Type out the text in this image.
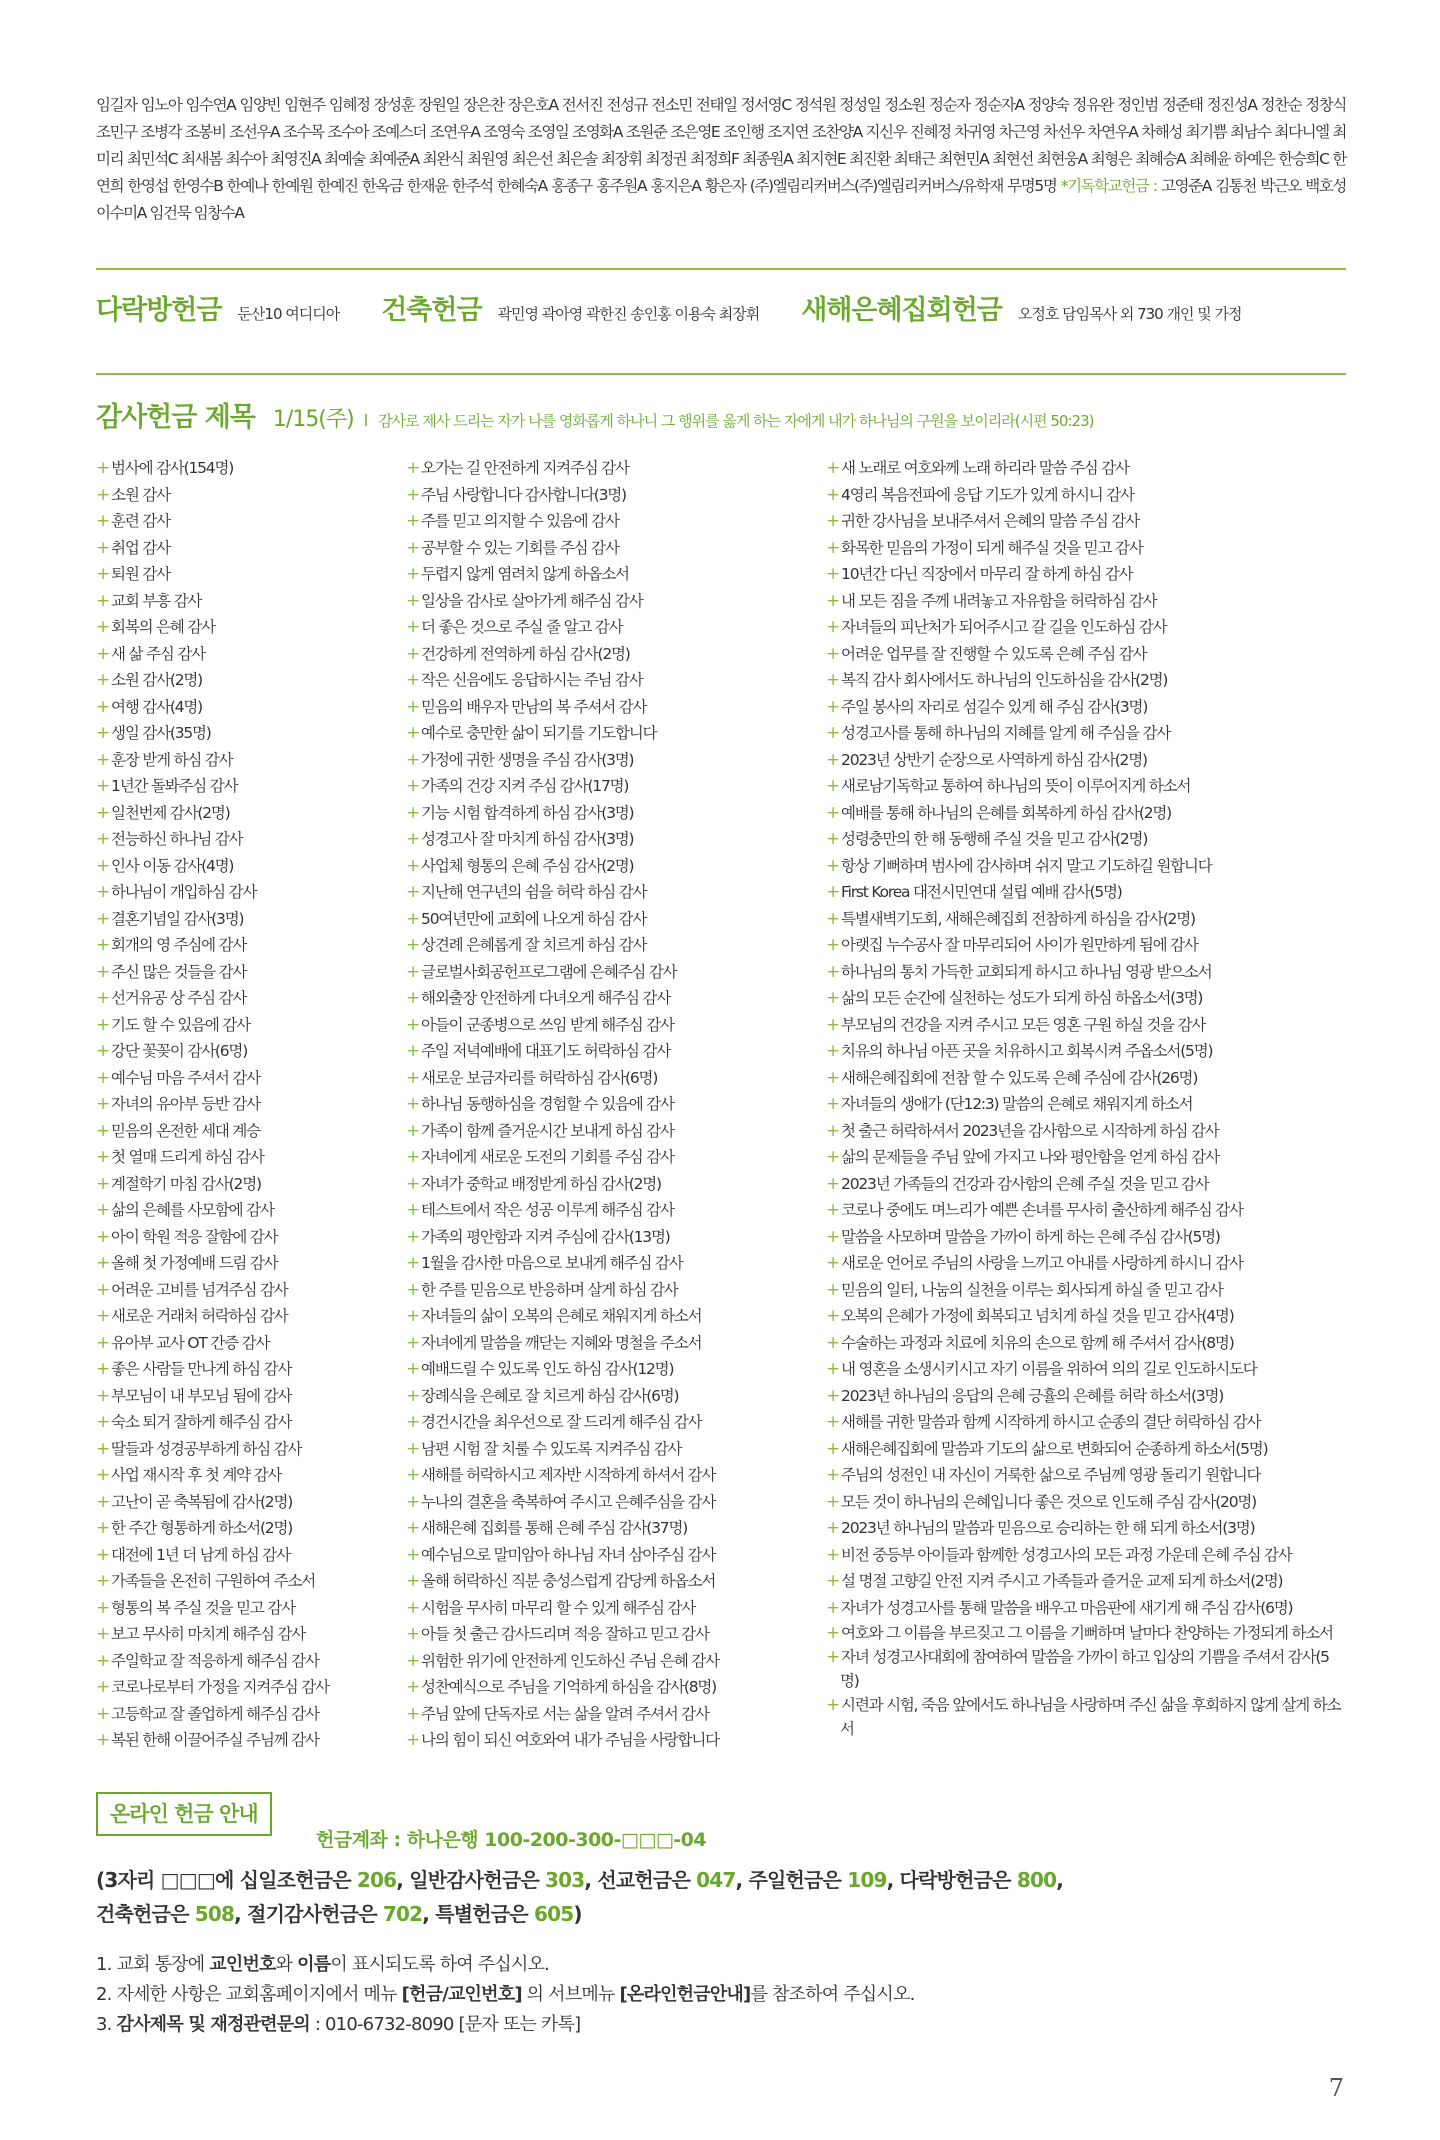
임길자 임노아 임수연A 임양빈 임현주 임혜정 장성훈 장원일 장은찬 장은호A 전서진 전성규 전소민 전태일 정서영C 정석원 정성일 정소원 정순자 정순자A 정양숙 정유완 정인범 정준태 정진성A 정찬순 정창식 조민구 조병각 조봉비 조선우A 조수목 조수아 조예스더 조연우A 조영숙 조영일 조영화A 조원준 조은영E 조인행 조지연 조찬양A 지신우 진혜정 차귀영 차근영 차선우 차연우A 차해성 최기쁨 최남수 최다니엘 최미리 최민석C 최새봄 최수아 최영진A 최예술 최예준A 최완식 최원영 최은선 최은솔 최장휘 최정권 최정희F 최종원A 최지현E 최진환 최태근 최현민A 최현선 최현웅A 최형은 최혜승A 최혜윤 하예은 한승희C 한연희 한영섭 한영수B 한예나 한예원 한예진 한옥금 한재윤 한주석 한혜숙A 홍종구 홍주원A 홍지은A 황은자 (주)엘림리커버스(주)엘림리커버스/유학재 무명5명 *기독학교헌금 : 고영준A 김통천 박근오 백호성 이수미A 임건묵 임창수A
다락방헌금 둔산10 여디디아 건축헌금 곽민영 곽아영 곽한진 송인홍 이용숙 최장휘 새해은혜집회헌금 오정호 담임목사 외 730 개인 및 가정
감사헌금 제목 1/15(주) l 감사로 제사 드리는 자가 나를 영화롭게 하나니 그 행위를 옳게 하는 자에게 내가 하나님의 구원을 보이리라(시편 50:23)
+ 범사에 감사(154명)
+ 소원 감사
+ 훈련 감사
+ 취업 감사
+ 퇴원 감사
+ 교회 부흥 감사
+ 회복의 은혜 감사
+ 새 삶 주심 감사
+ 소원 감사(2명)
+ 여행 감사(4명)
+ 생일 감사(35명)
+ 훈장 받게 하심 감사
+ 1년간 돌봐주심 감사
+ 일천번제 감사(2명)
+ 전능하신 하나님 감사
+ 인사 이동 감사(4명)
+ 하나님이 개입하심 감사
+ 결혼기념일 감사(3명)
+ 회개의 영 주심에 감사
+ 주신 많은 것들을 감사
+ 선거유공 상 주심 감사
+ 기도 할 수 있음에 감사
+ 강단 꽃꽂이 감사(6명)
+ 예수님 마음 주셔서 감사
+ 자녀의 유아부 등반 감사
+ 믿음의 온전한 세대 계승
+ 첫 열매 드리게 하심 감사
+ 계절학기 마침 감사(2명)
+ 삶의 은혜를 사모함에 감사
+ 아이 학원 적응 잘함에 감사
+ 올해 첫 가정예배 드림 감사
+ 어려운 고비를 넘겨주심 감사
+ 새로운 거래처 허락하심 감사
+ 유아부 교사 OT 간증 감사
+ 좋은 사람들 만나게 하심 감사
+ 부모님이 내 부모님 됨에 감사
+ 숙소 퇴거 잘하게 해주심 감사
+ 딸들과 성경공부하게 하심 감사
+ 사업 재시작 후 첫 계약 감사
+ 고난이 곧 축복됨에 감사(2명)
+ 한 주간 형통하게 하소서(2명)
+ 대전에 1년 더 남게 하심 감사
+ 가족들을 온전히 구원하여 주소서
+ 형통의 복 주실 것을 믿고 감사
+ 보고 무사히 마치게 해주심 감사
+ 주일학교 잘 적응하게 해주심 감사
+ 코로나로부터 가정을 지켜주심 감사
+ 고등학교 잘 졸업하게 해주심 감사
+ 복된 한해 이끌어주실 주님께 감사
+ 오가는 길 안전하게 지켜주심 감사
+ 주님 사랑합니다 감사합니다(3명)
+ 주를 믿고 의지할 수 있음에 감사
+ 공부할 수 있는 기회를 주심 감사
+ 두렵지 않게 염려치 않게 하옵소서
+ 일상을 감사로 살아가게 해주심 감사
+ 더 좋은 것으로 주실 줄 알고 감사
+ 건강하게 전역하게 하심 감사(2명)
+ 작은 신음에도 응답하시는 주님 감사
+ 믿음의 배우자 만남의 복 주셔서 감사
+ 예수로 충만한 삶이 되기를 기도합니다
+ 가정에 귀한 생명을 주심 감사(3명)
+ 가족의 건강 지켜 주심 감사(17명)
+ 기능 시험 합격하게 하심 감사(3명)
+ 성경고사 잘 마치게 하심 감사(3명)
+ 사업체 형통의 은혜 주심 감사(2명)
+ 지난해 연구년의 쉼을 허락 하심 감사
+ 50여년만에 교회에 나오게 하심 감사
+ 상견례 은혜롭게 잘 치르게 하심 감사
+ 글로벌사회공헌프로그램에 은혜주심 감사
+ 해외출장 안전하게 다녀오게 해주심 감사
+ 아들이 군종병으로 쓰임 받게 해주심 감사
+ 주일 저녁예배에 대표기도 허락하심 감사
+ 새로운 보금자리를 허락하심 감사(6명)
+ 하나님 동행하심을 경험할 수 있음에 감사
+ 가족이 함께 즐거운시간 보내게 하심 감사
+ 자녀에게 새로운 도전의 기회를 주심 감사
+ 자녀가 중학교 배정받게 하심 감사(2명)
+ 테스트에서 작은 성공 이루게 해주심 감사
+ 가족의 평안함과 지켜 주심에 감사(13명)
+ 1월을 감사한 마음으로 보내게 해주심 감사
+ 한 주를 믿음으로 반응하며 살게 하심 감사
+ 자녀들의 삶이 오복의 은혜로 채워지게 하소서
+ 자녀에게 말씀을 깨닫는 지혜와 명철을 주소서
+ 예배드릴 수 있도록 인도 하심 감사(12명)
+ 장례식을 은혜로 잘 치르게 하심 감사(6명)
+ 경건시간을 최우선으로 잘 드리게 해주심 감사
+ 남편 시험 잘 치룰 수 있도록 지켜주심 감사
+ 새해를 허락하시고 제자반 시작하게 하셔서 감사
+ 누나의 결혼을 축복하여 주시고 은혜주심을 감사
+ 새해은혜 집회를 통해 은혜 주심 감사(37명)
+ 예수님으로 말미암아 하나님 자녀 삼아주심 감사
+ 올해 허락하신 직분 충성스럽게 감당케 하옵소서
+ 시험을 무사히 마무리 할 수 있게 해주심 감사
+ 아들 첫 출근 감사드리며 적응 잘하고 믿고 감사
+ 위험한 위기에 안전하게 인도하신 주님 은혜 감사
+ 성찬예식으로 주님을 기억하게 하심을 감사(8명)
+ 주님 앞에 단독자로 서는 삶을 알려 주셔서 감사
+ 나의 힘이 되신 여호와여 내가 주님을 사랑합니다
+ 새 노래로 여호와께 노래 하리라 말씀 주심 감사
+ 4영리 복음전파에 응답 기도가 있게 하시니 감사
+ 귀한 강사님을 보내주셔서 은혜의 말씀 주심 감사
+ 화목한 믿음의 가정이 되게 해주실 것을 믿고 감사
+ 10년간 다닌 직장에서 마무리 잘 하게 하심 감사
+ 내 모든 짐을 주께 내려놓고 자유함을 허락하심 감사
+ 자녀들의 피난처가 되어주시고 갈 길을 인도하심 감사
+ 어려운 업무를 잘 진행할 수 있도록 은혜 주심 감사
+ 복직 감사 회사에서도 하나님의 인도하심을 감사(2명)
+ 주일 봉사의 자리로 섬길수 있게 해 주심 감사(3명)
+ 성경고사를 통해 하나님의 지혜를 알게 해 주심을 감사
+ 2023년 상반기 순장으로 사역하게 하심 감사(2명)
+ 새로남기독학교 통하여 하나님의 뜻이 이루어지게 하소서
+ 예배를 통해 하나님의 은혜를 회복하게 하심 감사(2명)
+ 성령충만의 한 해 동행해 주실 것을 믿고 감사(2명)
+ 항상 기뻐하며 범사에 감사하며 쉬지 말고 기도하길 원합니다
+ First Korea 대전시민연대 설립 예배 감사(5명)
+ 특별새벽기도회, 새해은혜집회 전참하게 하심을 감사(2명)
+ 아랫집 누수공사 잘 마무리되어 사이가 원만하게 됨에 감사
+ 하나님의 통치 가득한 교회되게 하시고 하나님 영광 받으소서
+ 삶의 모든 순간에 실천하는 성도가 되게 하심 하옵소서(3명)
+ 부모님의 건강을 지켜 주시고 모든 영혼 구원 하실 것을 감사
+ 치유의 하나님 아픈 곳을 치유하시고 회복시켜 주옵소서(5명)
+ 새해은혜집회에 전참 할 수 있도록 은혜 주심에 감사(26명)
+ 자녀들의 생애가 (단12:3) 말씀의 은혜로 채워지게 하소서
+ 첫 출근 허락하셔서 2023년을 감사함으로 시작하게 하심 감사
+ 삶의 문제들을 주님 앞에 가지고 나와 평안함을 얻게 하심 감사
+ 2023년 가족들의 건강과 감사함의 은혜 주실 것을 믿고 감사
+ 코로나 중에도 며느리가 예쁜 손녀를 무사히 출산하게 해주심 감사
+ 말씀을 사모하며 말씀을 가까이 하게 하는 은혜 주심 감사(5명)
+ 새로운 언어로 주님의 사랑을 느끼고 아내를 사랑하게 하시니 감사
+ 믿음의 일터, 나눔의 실천을 이루는 회사되게 하실 줄 믿고 감사
+ 오복의 은혜가 가정에 회복되고 넘치게 하실 것을 믿고 감사(4명)
+ 수술하는 과정과 치료에 치유의 손으로 함께 해 주셔서 감사(8명)
+ 내 영혼을 소생시키시고 자기 이름을 위하여 의의 길로 인도하시도다
+ 2023년 하나님의 응답의 은혜 긍휼의 은혜를 허락 하소서(3명)
+ 새해를 귀한 말씀과 함께 시작하게 하시고 순종의 결단 허락하심 감사
+ 새해은혜집회에 말씀과 기도의 삶으로 변화되어 순종하게 하소서(5명)
+ 주님의 성전인 내 자신이 거룩한 삶으로 주님께 영광 돌리기 원합니다
+ 모든 것이 하나님의 은혜입니다 좋은 것으로 인도해 주심 감사(20명)
+ 2023년 하나님의 말씀과 믿음으로 승리하는 한 해 되게 하소서(3명)
+ 비전 중등부 아이들과 함께한 성경고사의 모든 과정 가운데 은혜 주심 감사
+ 설 명절 고향길 안전 지켜 주시고 가족들과 즐거운 교제 되게 하소서(2명)
+ 자녀가 성경고사를 통해 말씀을 배우고 마음판에 새기게 해 주심 감사(6명)
+ 여호와 그 이름을 부르짖고 그 이름을 기뻐하며 날마다 찬양하는 가정되게 하소서
+ 자녀 성경고사대회에 참여하여 말씀을 가까이 하고 입상의 기쁨을 주셔서 감사(5명)
+ 시련과 시험, 죽음 앞에서도 하나님을 사랑하며 주신 삶을 후회하지 않게 살게 하소서
온라인 헌금 안내
헌금계좌 : 하나은행 100-200-300-□□□-04
(3자리 □□□에 십일조헌금은 206, 일반감사헌금은 303, 선교헌금은 047, 주일헌금은 109, 다락방헌금은 800,
건축헌금은 508, 절기감사헌금은 702, 특별헌금은 605)
1. 교회 통장에 교인번호와 이름이 표시되도록 하여 주십시오.
2. 자세한 사항은 교회홈페이지에서 메뉴 [헌금/교인번호] 의 서브메뉴 [온라인헌금안내]를 참조하여 주십시오.
3. 감사제목 및 재정관련문의 : 010-6732-8090 [문자 또는 카톡]
7
